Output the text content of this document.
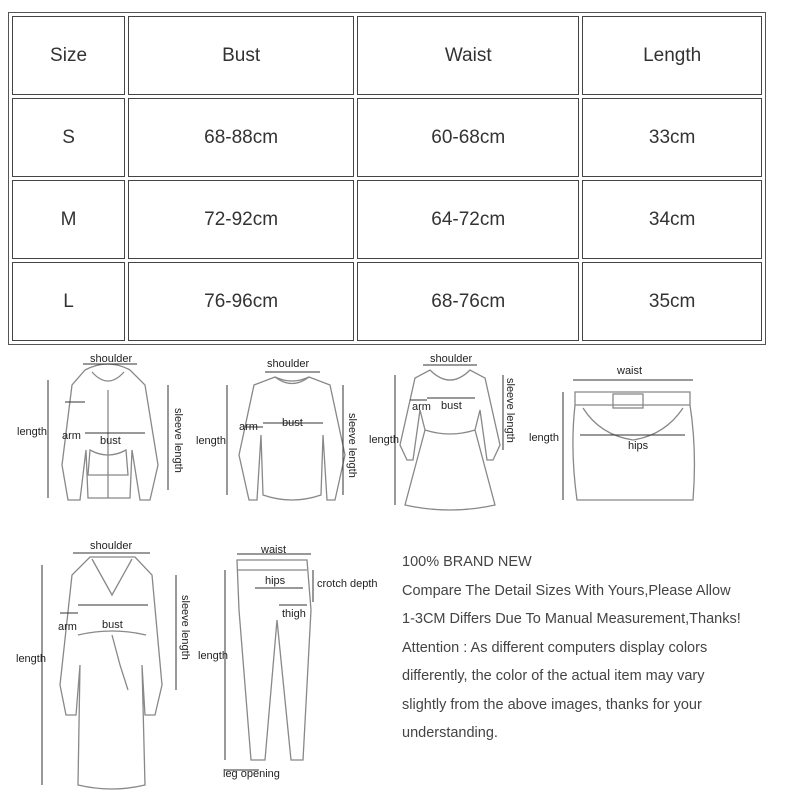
Size	Bust	Waist	Length
S	68-88cm	60-68cm	33cm
M	72-92cm	64-72cm	34cm
L	76-96cm	68-76cm	35cm
shoulder
length arm bust	sleeve length
shoulder
length
arm bust	sleeve length
shoulder
length
arm bust	sleeve length
waist
length
hips
shoulder
length
arm bust	sleeve length
waist
hips	crotch depth
thigh
length
leg opening

100% BRAND NEW

Compare The Detail Sizes With Yours,Please Allow

1-3CM Differs Due To Manual Measurement,Thanks!

Attention : As different computers display colors

differently, the color of the actual item may vary

slightly from the above images, thanks for your

understanding.
